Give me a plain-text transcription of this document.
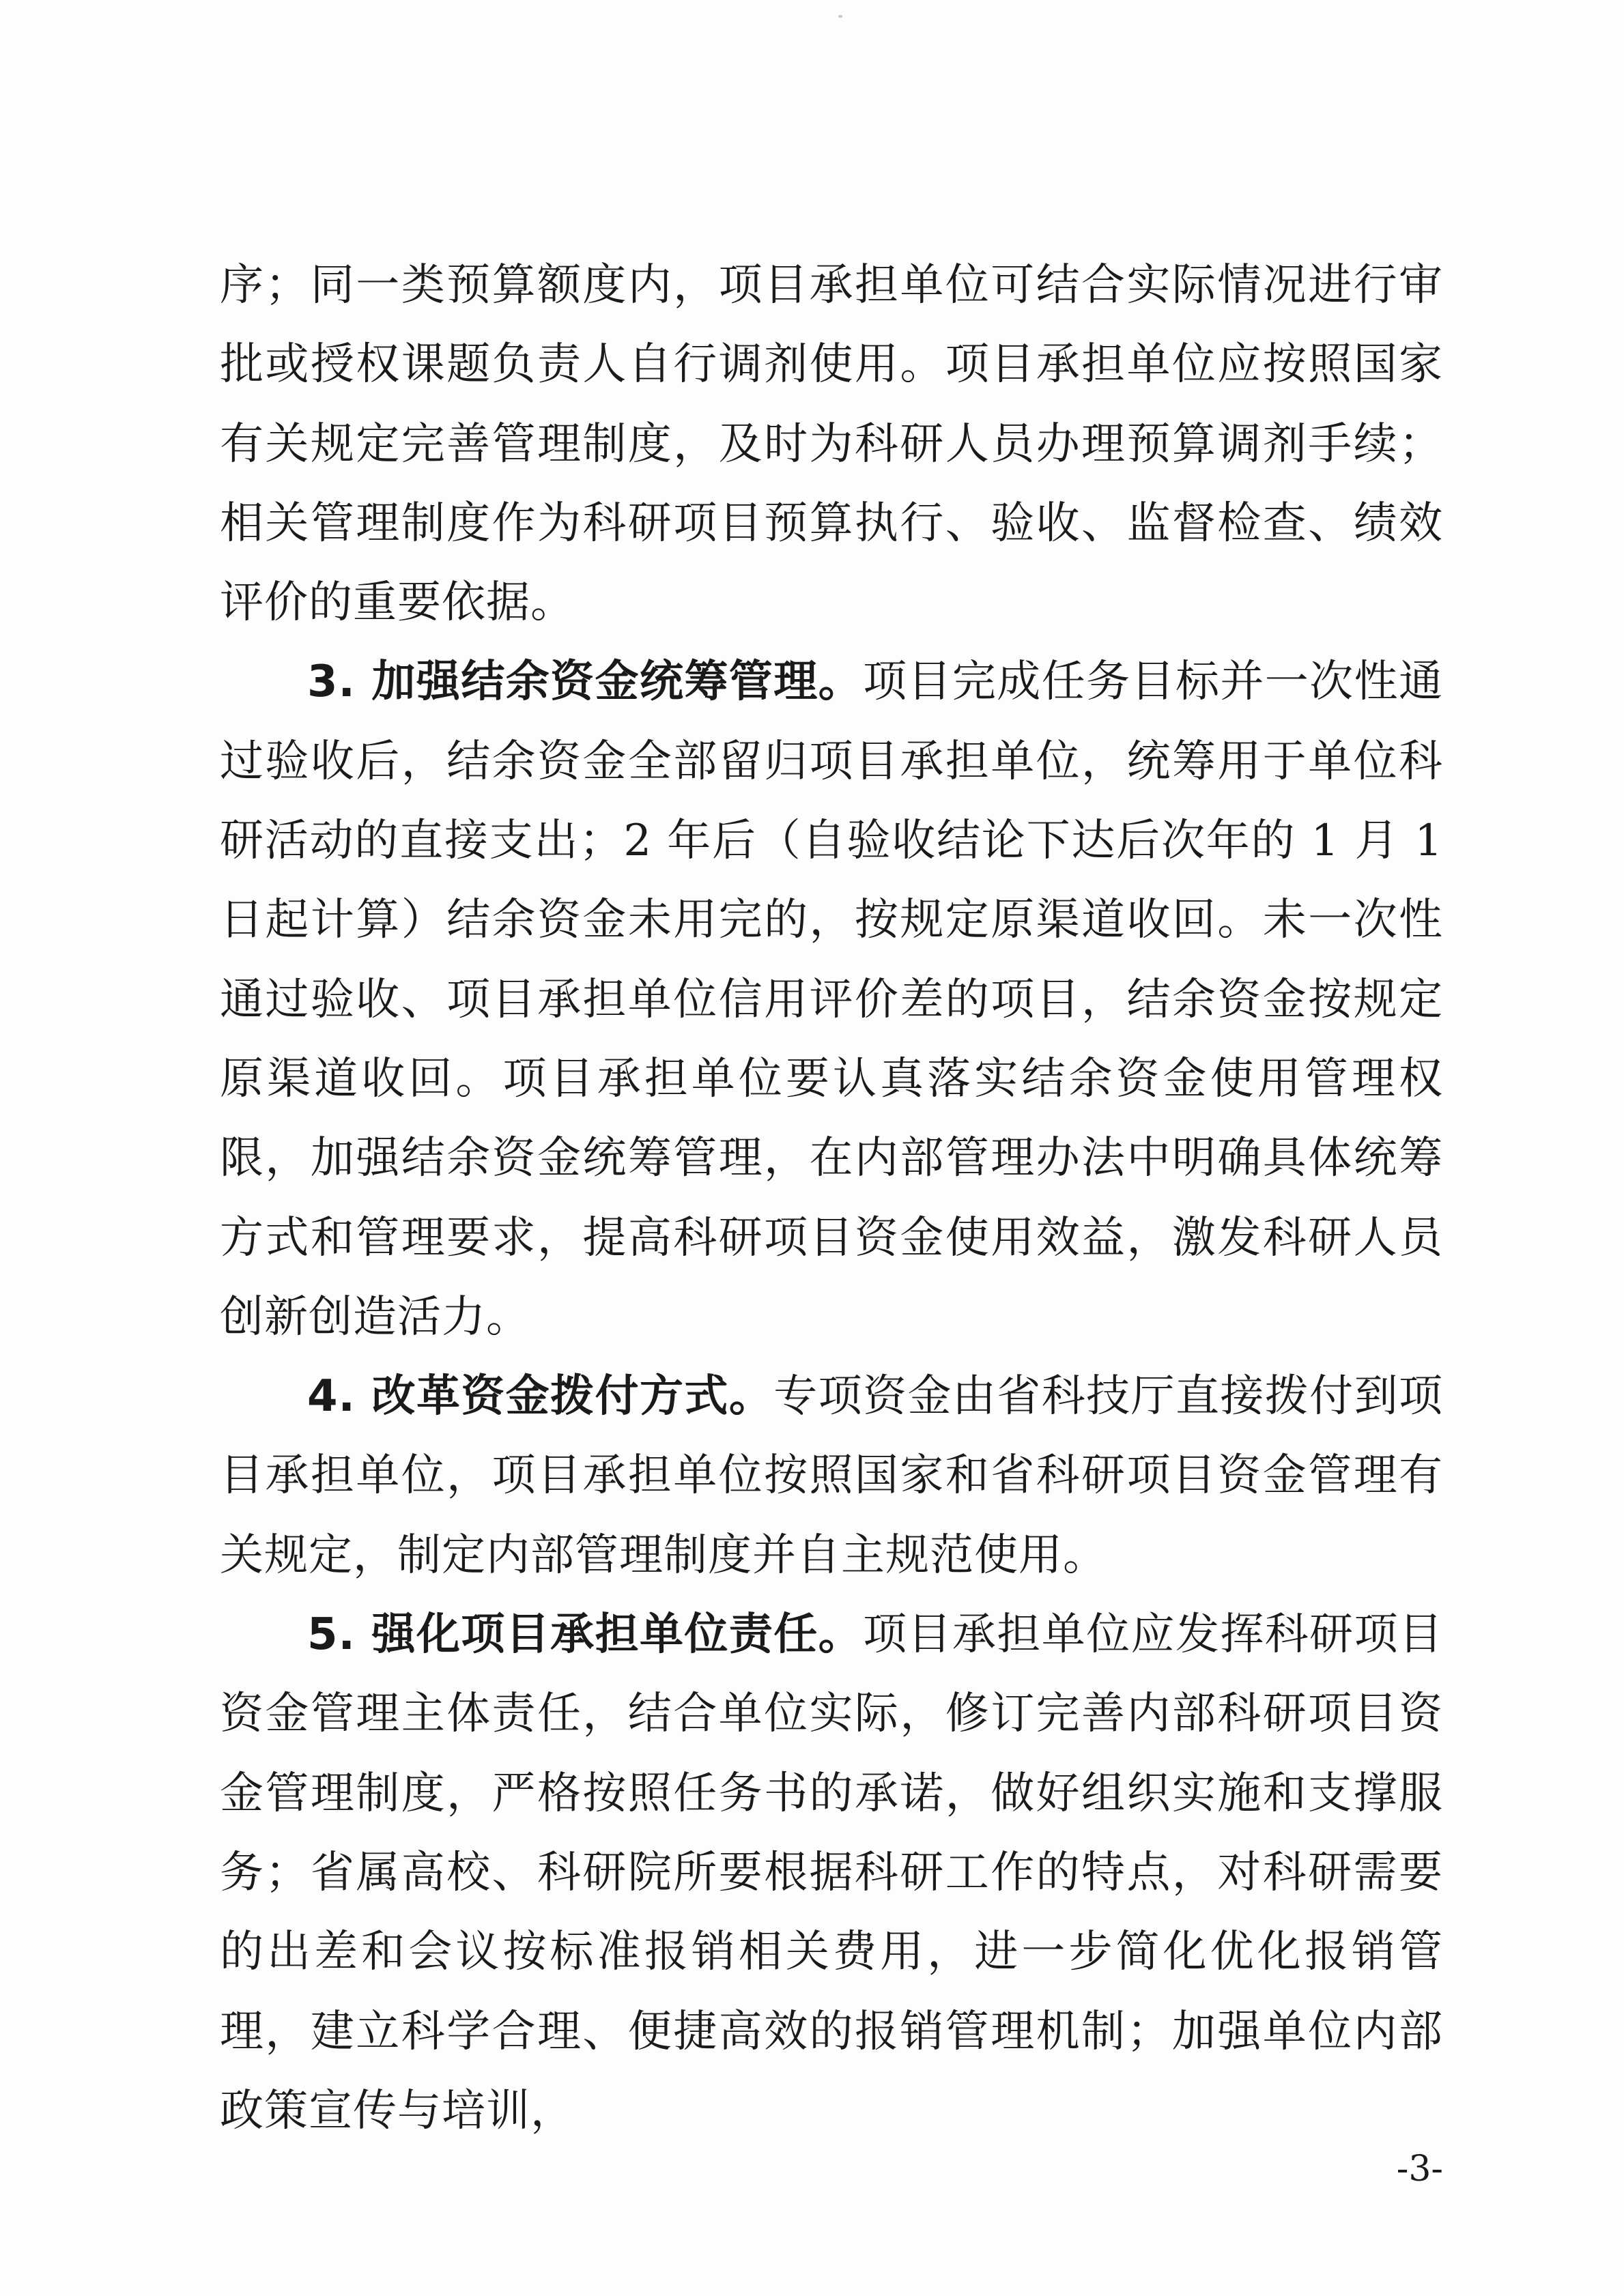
序；同一类预算额度内，项目承担单位可结合实际情况进行审批或授权课题负责人自行调剂使用。项目承担单位应按照国家有关规定完善管理制度，及时为科研人员办理预算调剂手续；相关管理制度作为科研项目预算执行、验收、监督检查、绩效评价的重要依据。

3. 加强结余资金统筹管理。项目完成任务目标并一次性通过验收后，结余资金全部留归项目承担单位，统筹用于单位科研活动的直接支出；2 年后（自验收结论下达后次年的 1 月 1 日起计算）结余资金未用完的，按规定原渠道收回。未一次性通过验收、项目承担单位信用评价差的项目，结余资金按规定原渠道收回。项目承担单位要认真落实结余资金使用管理权限，加强结余资金统筹管理，在内部管理办法中明确具体统筹方式和管理要求，提高科研项目资金使用效益，激发科研人员创新创造活力。

4. 改革资金拨付方式。专项资金由省科技厅直接拨付到项目承担单位，项目承担单位按照国家和省科研项目资金管理有关规定，制定内部管理制度并自主规范使用。

5. 强化项目承担单位责任。项目承担单位应发挥科研项目资金管理主体责任，结合单位实际，修订完善内部科研项目资金管理制度，严格按照任务书的承诺，做好组织实施和支撑服务；省属高校、科研院所要根据科研工作的特点，对科研需要的出差和会议按标准报销相关费用，进一步简化优化报销管理，建立科学合理、便捷高效的报销管理机制；加强单位内部政策宣传与培训，

-3-
